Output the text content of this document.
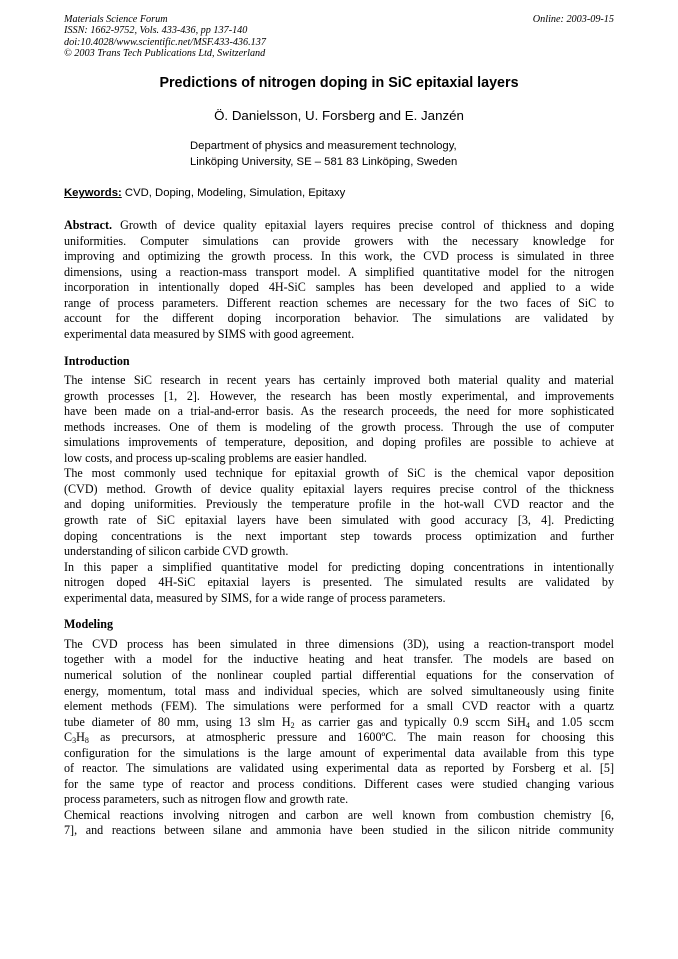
Materials Science Forum
ISSN: 1662-9752, Vols. 433-436, pp 137-140
doi:10.4028/www.scientific.net/MSF.433-436.137
© 2003 Trans Tech Publications Ltd, Switzerland
Online: 2003-09-15
Predictions of nitrogen doping in SiC epitaxial layers
Ö. Danielsson, U. Forsberg and E. Janzén
Department of physics and measurement technology,
Linköping University, SE – 581 83 Linköping, Sweden
Keywords: CVD, Doping, Modeling, Simulation, Epitaxy
Abstract. Growth of device quality epitaxial layers requires precise control of thickness and doping
uniformities. Computer simulations can provide growers with the necessary knowledge for
improving and optimizing the growth process. In this work, the CVD process is simulated in three
dimensions, using a reaction-mass transport model. A simplified quantitative model for the nitrogen
incorporation in intentionally doped 4H-SiC samples has been developed and applied to a wide
range of process parameters. Different reaction schemes are necessary for the two faces of SiC to
account for the different doping incorporation behavior. The simulations are validated by
experimental data measured by SIMS with good agreement.
Introduction
The intense SiC research in recent years has certainly improved both material quality and material
growth processes [1, 2]. However, the research has been mostly experimental, and improvements
have been made on a trial-and-error basis. As the research proceeds, the need for more sophisticated
methods increases. One of them is modeling of the growth process. Through the use of computer
simulations improvements of temperature, deposition, and doping profiles are possible to achieve at
low costs, and process up-scaling problems are easier handled.
The most commonly used technique for epitaxial growth of SiC is the chemical vapor deposition
(CVD) method. Growth of device quality epitaxial layers requires precise control of the thickness
and doping uniformities. Previously the temperature profile in the hot-wall CVD reactor and the
growth rate of SiC epitaxial layers have been simulated with good accuracy [3, 4]. Predicting
doping concentrations is the next important step towards process optimization and further
understanding of silicon carbide CVD growth.
In this paper a simplified quantitative model for predicting doping concentrations in intentionally
nitrogen doped 4H-SiC epitaxial layers is presented. The simulated results are validated by
experimental data, measured by SIMS, for a wide range of process parameters.
Modeling
The CVD process has been simulated in three dimensions (3D), using a reaction-transport model
together with a model for the inductive heating and heat transfer. The models are based on
numerical solution of the nonlinear coupled partial differential equations for the conservation of
energy, momentum, total mass and individual species, which are solved simultaneously using finite
element methods (FEM). The simulations were performed for a small CVD reactor with a quartz
tube diameter of 80 mm, using 13 slm $H_2$ as carrier gas and typically 0.9 sccm SiH$_4$ and 1.05 sccm
$C_3H_8$ as precursors, at atmospheric pressure and 1600ºC. The main reason for choosing this
configuration for the simulations is the large amount of experimental data available from this type
of reactor. The simulations are validated using experimental data as reported by Forsberg et al. [5]
for the same type of reactor and process conditions. Different cases were studied changing various
process parameters, such as nitrogen flow and growth rate.
Chemical reactions involving nitrogen and carbon are well known from combustion chemistry [6,
7], and reactions between silane and ammonia have been studied in the silicon nitride community
